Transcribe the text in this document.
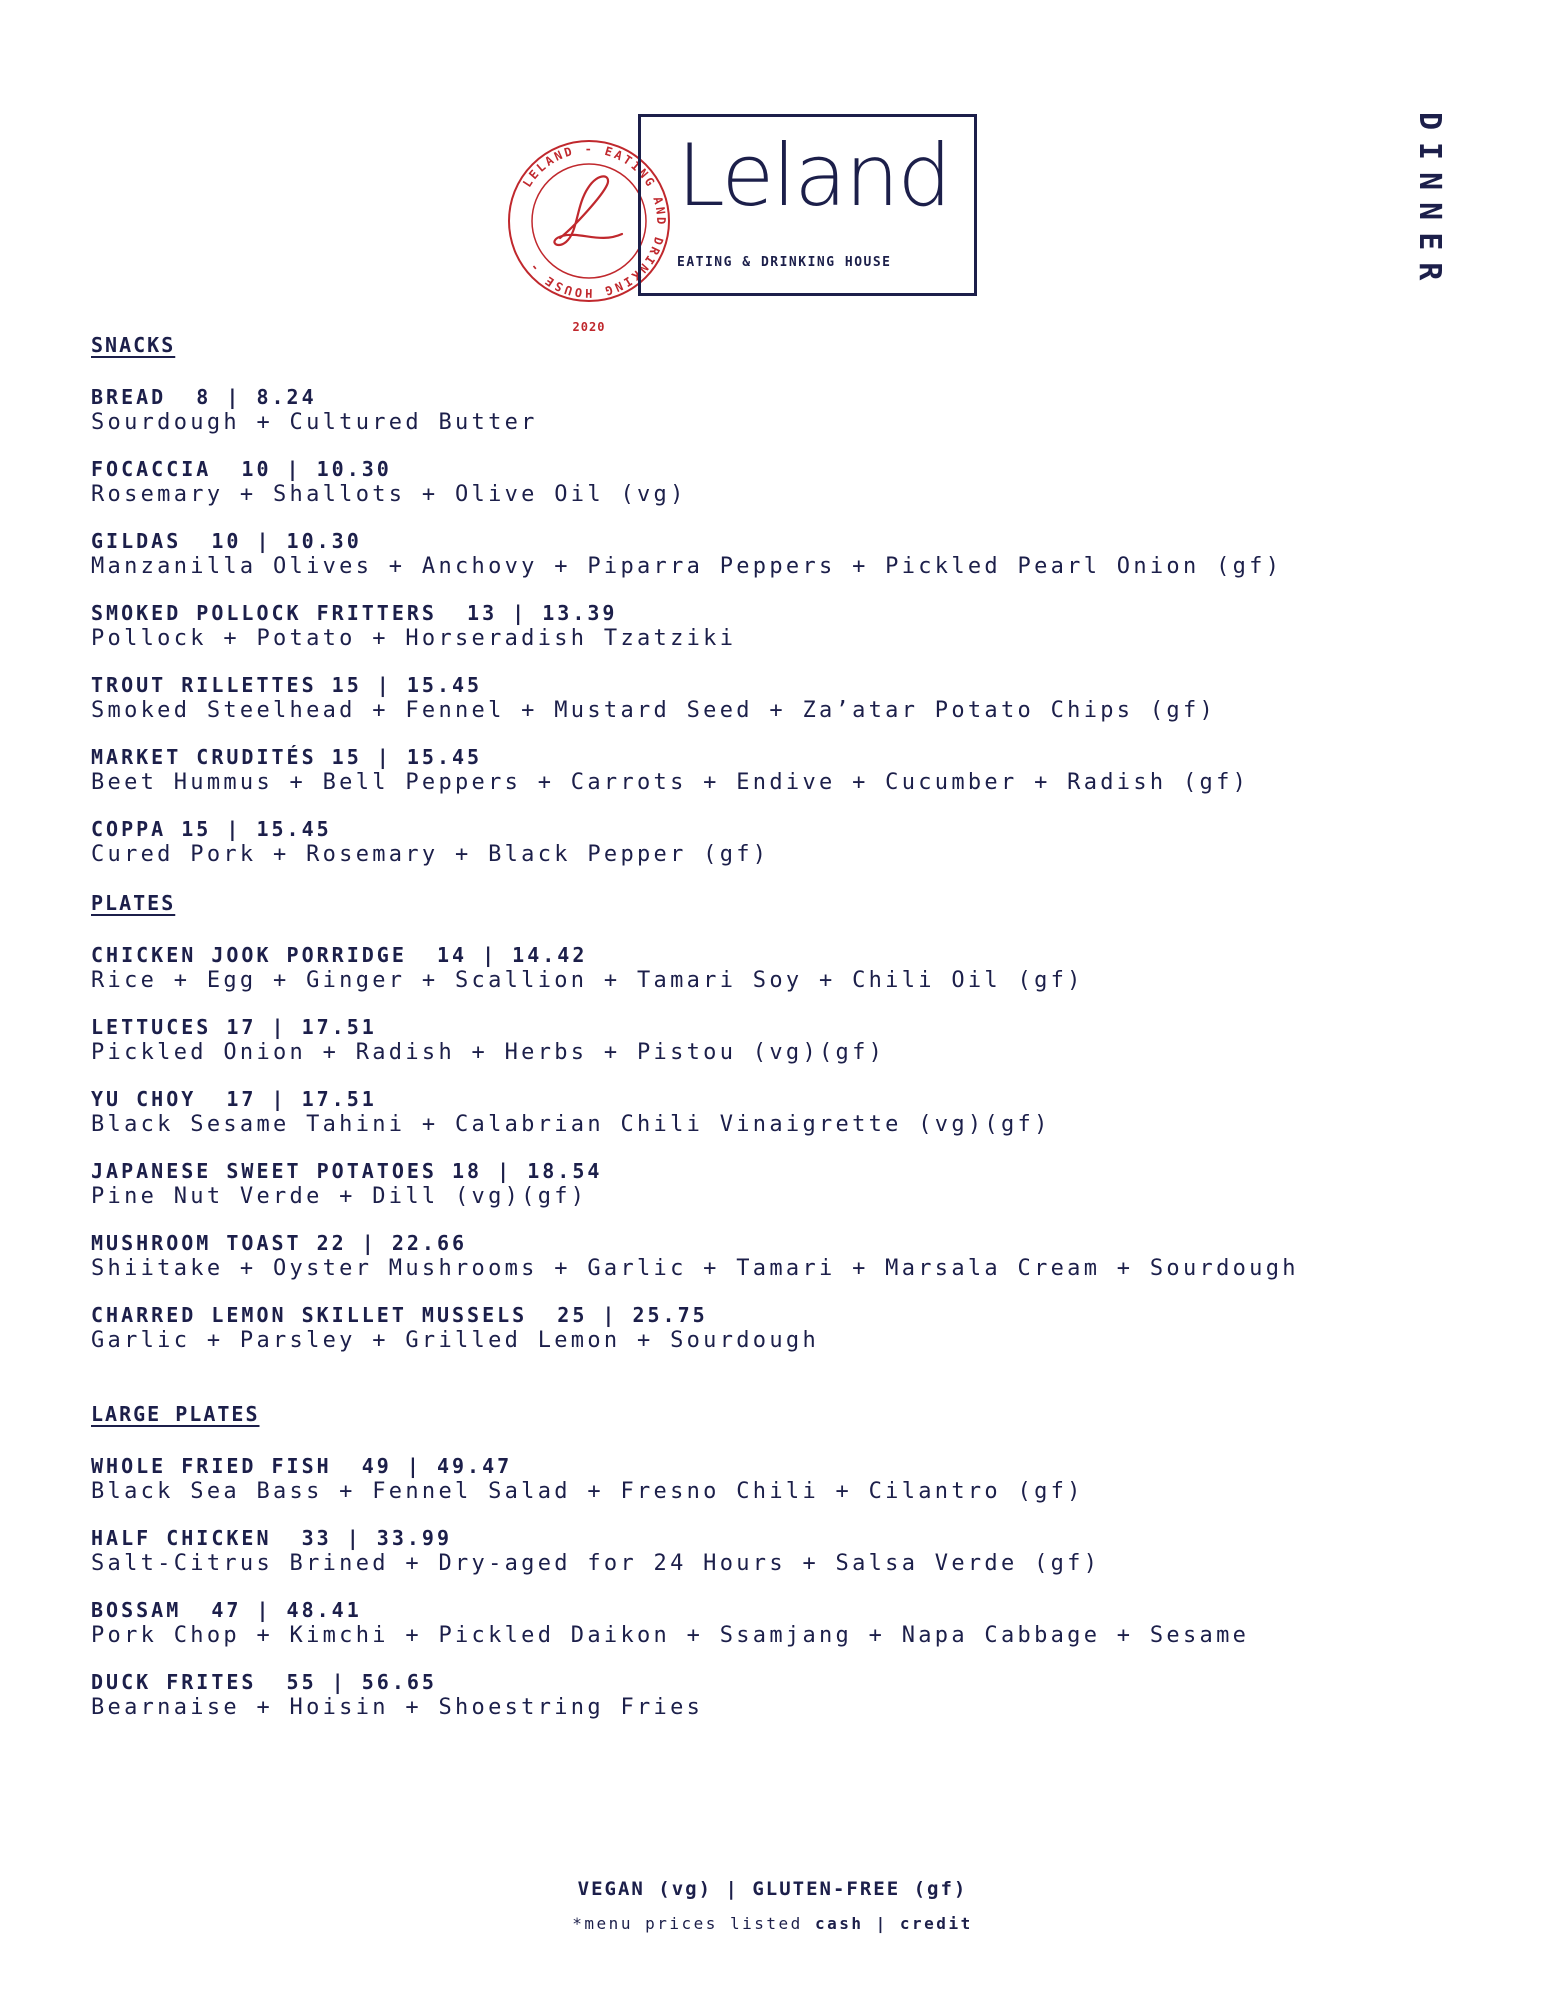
LELAND - EATING AND DRINKING HOUSE -
2020
Leland
EATING & DRINKING HOUSE	DINNER
SNACKS
BREAD  8 | 8.24
Sourdough + Cultured Butter
FOCACCIA  10 | 10.30
Rosemary + Shallots + Olive Oil (vg)
GILDAS  10 | 10.30
Manzanilla Olives + Anchovy + Piparra Peppers + Pickled Pearl Onion (gf)
SMOKED POLLOCK FRITTERS  13 | 13.39
Pollock + Potato + Horseradish Tzatziki
TROUT RILLETTES 15 | 15.45
Smoked Steelhead + Fennel + Mustard Seed + Za’atar Potato Chips (gf)
MARKET CRUDITÉS 15 | 15.45
Beet Hummus + Bell Peppers + Carrots + Endive + Cucumber + Radish (gf)
COPPA 15 | 15.45
Cured Pork + Rosemary + Black Pepper (gf)
PLATES
CHICKEN JOOK PORRIDGE  14 | 14.42
Rice + Egg + Ginger + Scallion + Tamari Soy + Chili Oil (gf)
LETTUCES 17 | 17.51
Pickled Onion + Radish + Herbs + Pistou (vg)(gf)
YU CHOY  17 | 17.51
Black Sesame Tahini + Calabrian Chili Vinaigrette (vg)(gf)
JAPANESE SWEET POTATOES 18 | 18.54
Pine Nut Verde + Dill (vg)(gf)
MUSHROOM TOAST 22 | 22.66
Shiitake + Oyster Mushrooms + Garlic + Tamari + Marsala Cream + Sourdough
CHARRED LEMON SKILLET MUSSELS  25 | 25.75
Garlic + Parsley + Grilled Lemon + Sourdough
LARGE PLATES
WHOLE FRIED FISH  49 | 49.47
Black Sea Bass + Fennel Salad + Fresno Chili + Cilantro (gf)
HALF CHICKEN  33 | 33.99
Salt-Citrus Brined + Dry-aged for 24 Hours + Salsa Verde (gf)
BOSSAM  47 | 48.41
Pork Chop + Kimchi + Pickled Daikon + Ssamjang + Napa Cabbage + Sesame
DUCK FRITES  55 | 56.65
Bearnaise + Hoisin + Shoestring Fries
VEGAN (vg) | GLUTEN-FREE (gf)
*menu prices listed cash | credit
